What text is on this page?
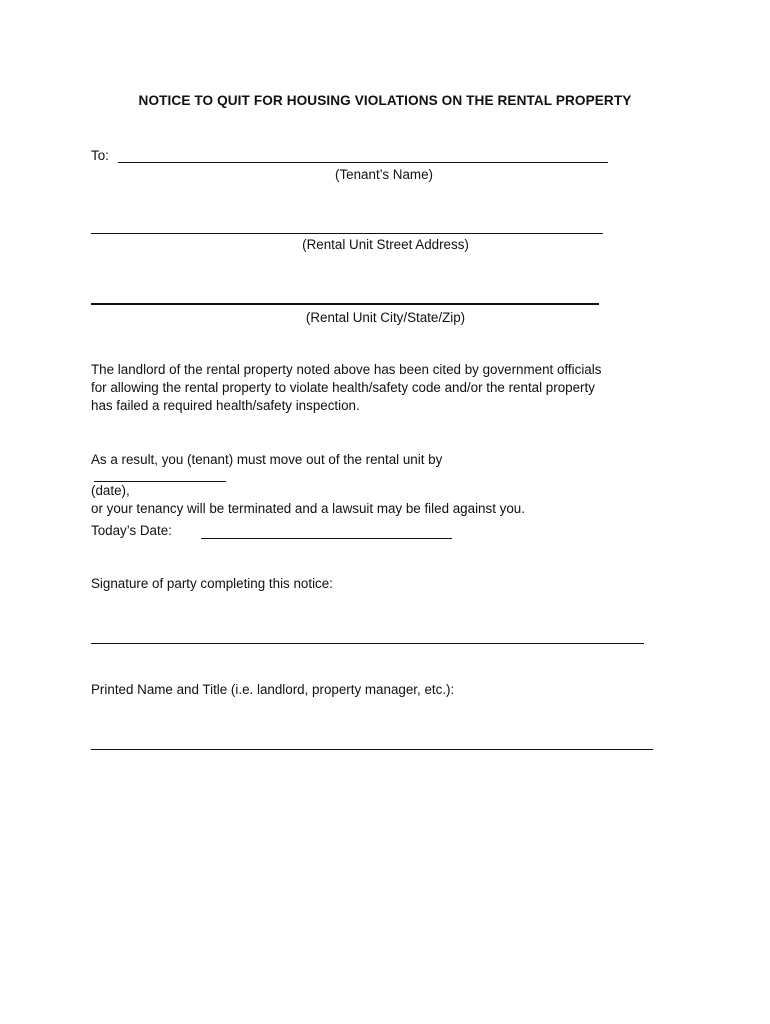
NOTICE TO QUIT FOR HOUSING VIOLATIONS ON THE RENTAL PROPERTY
To:
(Tenant’s Name)
(Rental Unit Street Address)
(Rental Unit City/State/Zip)
The landlord of the rental property noted above has been cited by government officials
for allowing the rental property to violate health/safety code and/or the rental property
has failed a required health/safety inspection.
As a result, you (tenant) must move out of the rental unit by
(date),
or your tenancy will be terminated and a lawsuit may be filed against you.
Today’s Date:
Signature of party completing this notice:
Printed Name and Title (i.e. landlord, property manager, etc.):
